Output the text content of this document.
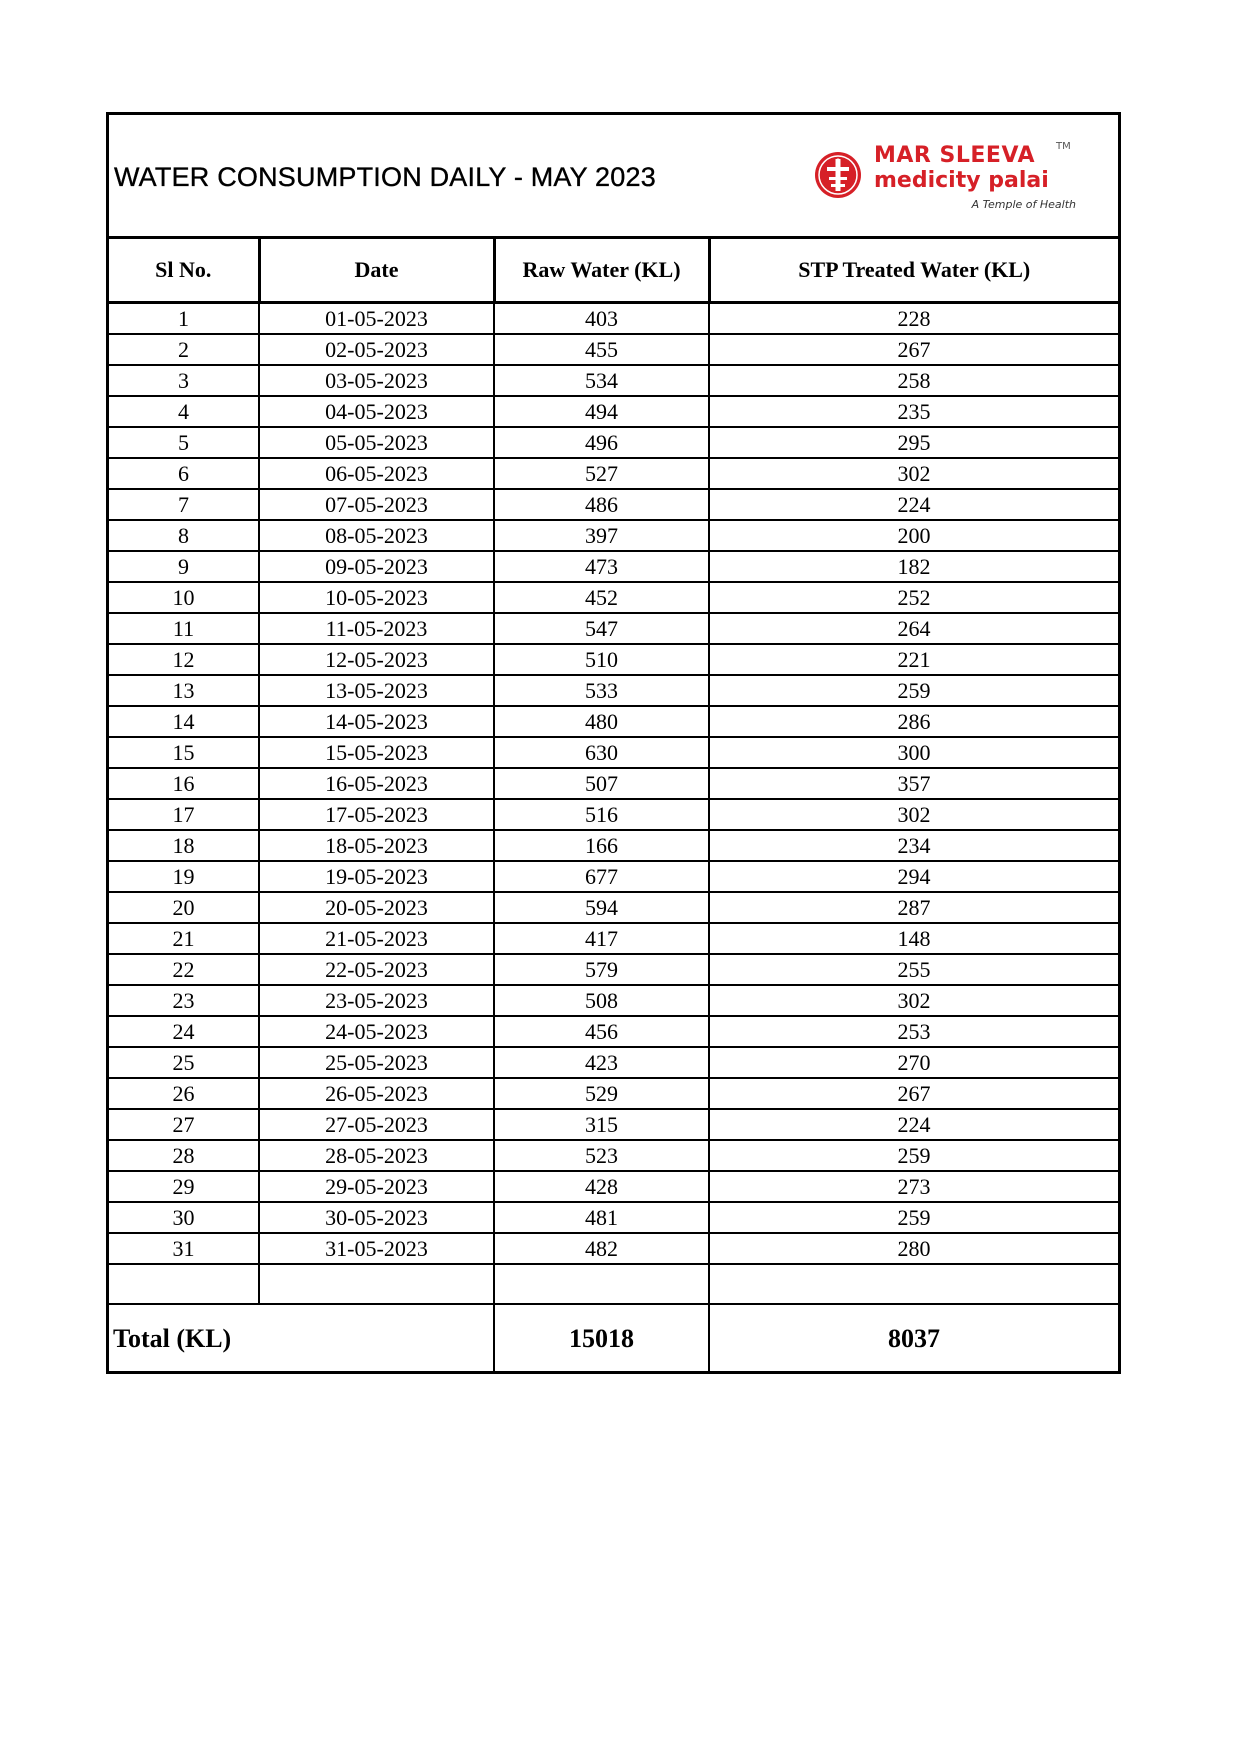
WATER CONSUMPTION DAILY - MAY 2023
MAR SLEEVA TM
medicity palai
A Temple of Health
Sl No.	Date	Raw Water (KL)	STP Treated Water (KL)
1	01-05-2023	403	228
2	02-05-2023	455	267
3	03-05-2023	534	258
4	04-05-2023	494	235
5	05-05-2023	496	295
6	06-05-2023	527	302
7	07-05-2023	486	224
8	08-05-2023	397	200
9	09-05-2023	473	182
10	10-05-2023	452	252
11	11-05-2023	547	264
12	12-05-2023	510	221
13	13-05-2023	533	259
14	14-05-2023	480	286
15	15-05-2023	630	300
16	16-05-2023	507	357
17	17-05-2023	516	302
18	18-05-2023	166	234
19	19-05-2023	677	294
20	20-05-2023	594	287
21	21-05-2023	417	148
22	22-05-2023	579	255
23	23-05-2023	508	302
24	24-05-2023	456	253
25	25-05-2023	423	270
26	26-05-2023	529	267
27	27-05-2023	315	224
28	28-05-2023	523	259
29	29-05-2023	428	273
30	30-05-2023	481	259
31	31-05-2023	482	280

Total (KL)		15018	8037
